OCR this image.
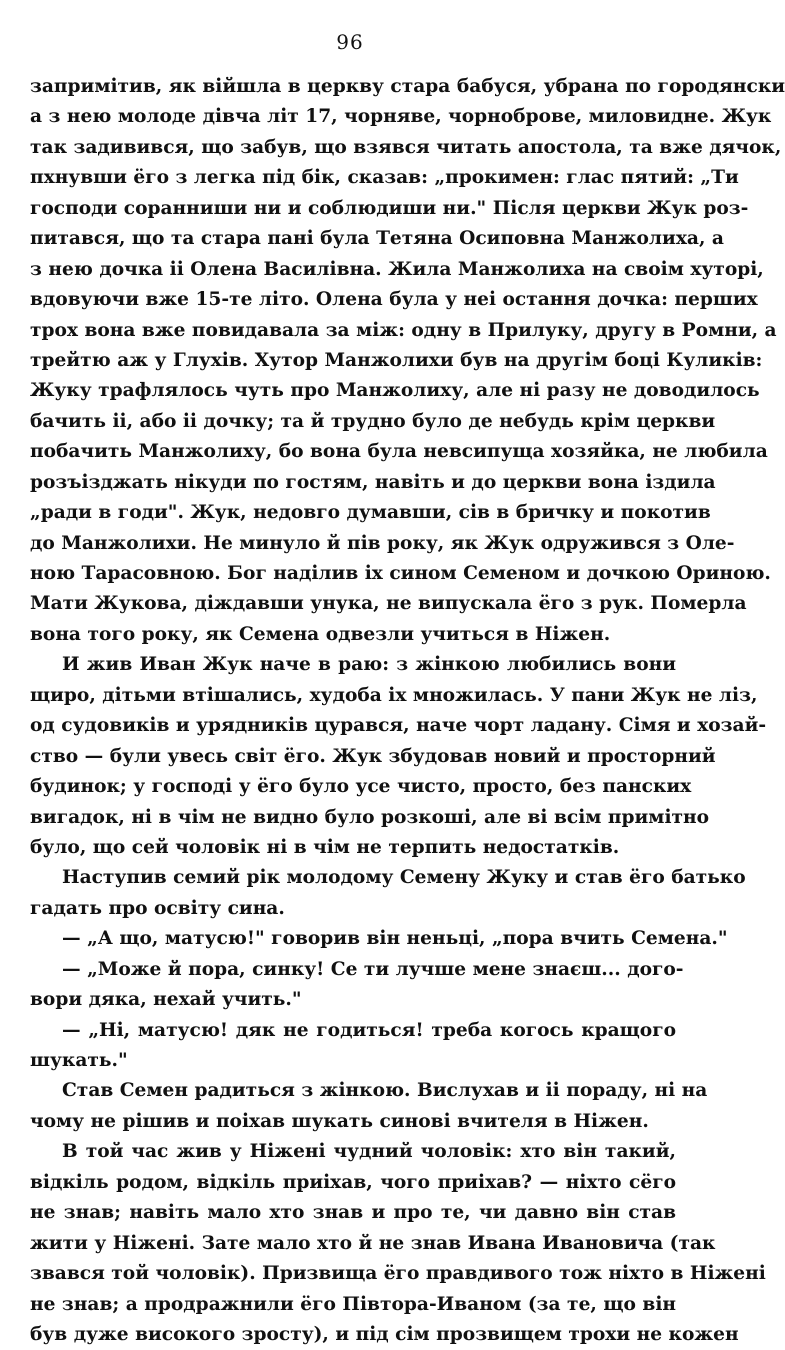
96
запримітив, як війшла в церкву стара бабуся, убрана по городянски
а з нею молоде дівча літ 17, чорняве, чорноброве, миловидне. Жук
так задивився, що забув, що взявся читать апостола, та вже дячок,
пхнувши ёго з легка під бік, сказав: „прокимен: глас пятий: „Ти
господи соранниши ни и соблюдиши ни." Після церкви Жук роз-
питався, що та стара пані була Тетяна Осиповна Манжолиха, а
з нею дочка іі Олена Василівна. Жила Манжолиха на своім хуторі,
вдовуючи вже 15-те літо. Олена була у неі остання дочка: перших
трох вона вже повидавала за між: одну в Прилуку, другу в Ромни, а
трейтю аж у Глухів. Хутор Манжолихи був на другім боці Куликів:
Жуку трафлялось чуть про Манжолиху, але ні разу не доводилось
бачить іі, або іі дочку; та й трудно було де небудь крім церкви
побачить Манжолиху, бо вона була невсипуща хозяйка, не любила
розъізджать нікуди по гостям, навіть и до церкви вона іздила
„ради в годи". Жук, недовго думавши, сів в бричку и покотив
до Манжолихи. Не минуло й пів року, як Жук одружився з Оле-
ною Тарасовною. Бог наділив іх сином Семеном и дочкою Ориною.
Мати Жукова, діждавши унука, не випускала ёго з рук. Померла
вона того року, як Семена одвезли учиться в Ніжен.
И жив Иван Жук наче в раю: з жінкою любились вони
щиро, дітьми втішались, худоба іх множилась. У пани Жук не ліз,
од судовиків и урядників цурався, наче чорт ладану. Сімя и хозай-
ство — були увесь світ ёго. Жук збудовав новий и просторний
будинок; у господі у ёго було усе чисто, просто, без панских
вигадок, ні в чім не видно було розкоші, але ві всім примітно
було, що сей чоловік ні в чім не терпить недостатків.
Наступив семий рік молодому Семену Жуку и став ёго батько
гадать про освіту сина.
— „А що, матусю!" говорив він неньці, „пора вчить Семена."
— „Може й пора, синку! Се ти лучше мене знаєш... дого-
вори дяка, нехай учить."
— „Ні, матусю! дяк не годиться! треба когось кращого
шукать."
Став Семен радиться з жінкою. Вислухав и іі пораду, ні на
чому не рішив и поіхав шукать синові вчителя в Ніжен.
В той час жив у Ніжені чудний чоловік: хто він такий,
відкіль родом, відкіль приіхав, чого приіхав? — ніхто сёго
не знав; навіть мало хто знав и про те, чи давно він став
жити у Ніжені. Зате мало хто й не знав Ивана Ивановича (так
звався той чоловік). Призвища ёго правдивого тож ніхто в Ніжені
не знав; а продражнили ёго Півтора-Иваном (за те, що він
був дуже високого зросту), и під сім прозвищем трохи не кожен
